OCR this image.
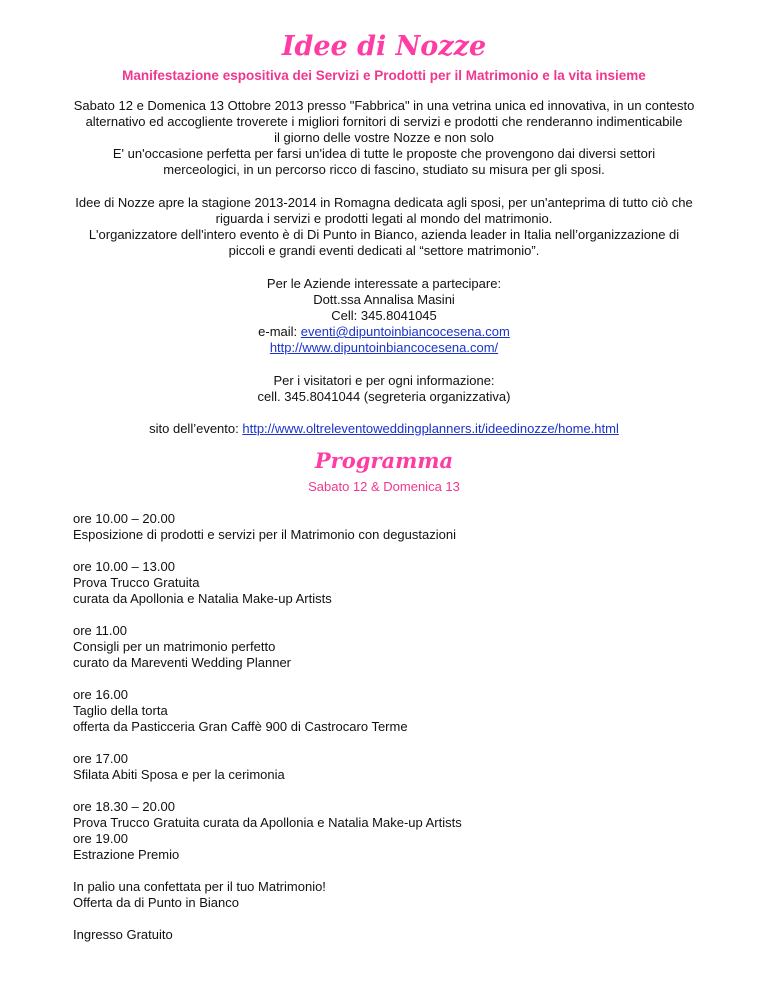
Idee di Nozze
Manifestazione espositiva dei Servizi e Prodotti per il Matrimonio e la vita insieme

Sabato 12 e Domenica 13 Ottobre 2013 presso "Fabbrica" in una vetrina unica ed innovativa, in un contesto

alternativo ed accogliente troverete i migliori fornitori di servizi e prodotti che renderanno indimenticabile

il giorno delle vostre Nozze e non solo

E' un'occasione perfetta per farsi un'idea di tutte le proposte che provengono dai diversi settori

merceologici, in un percorso ricco di fascino, studiato su misura per gli sposi.

Idee di Nozze apre la stagione 2013-2014 in Romagna dedicata agli sposi, per un'anteprima di tutto ciò che

riguarda i servizi e prodotti legati al mondo del matrimonio.

L'organizzatore dell'intero evento è di Di Punto in Bianco, azienda leader in Italia nell’organizzazione di

piccoli e grandi eventi dedicati al “settore matrimonio”.

Per le Aziende interessate a partecipare:

Dott.ssa Annalisa Masini

Cell: 345.8041045

e-mail: eventi@dipuntoinbiancocesena.com

http://www.dipuntoinbiancocesena.com/

Per i visitatori e per ogni informazione:

cell. 345.8041044 (segreteria organizzativa)

sito dell’evento: http://www.oltreleventoweddingplanners.it/ideedinozze/home.html

Programma
Sabato 12 & Domenica 13
ore 10.00 – 20.00
Esposizione di prodotti e servizi per il Matrimonio con degustazioni
ore 10.00 – 13.00
Prova Trucco Gratuita
curata da Apollonia e Natalia Make-up Artists
ore 11.00
Consigli per un matrimonio perfetto
curato da Mareventi Wedding Planner
ore 16.00
Taglio della torta
offerta da Pasticceria Gran Caffè 900 di Castrocaro Terme
ore 17.00
Sfilata Abiti Sposa e per la cerimonia
ore 18.30 – 20.00
Prova Trucco Gratuita curata da Apollonia e Natalia Make-up Artists
ore 19.00
Estrazione Premio
In palio una confettata per il tuo Matrimonio!
Offerta da di Punto in Bianco
Ingresso Gratuito
